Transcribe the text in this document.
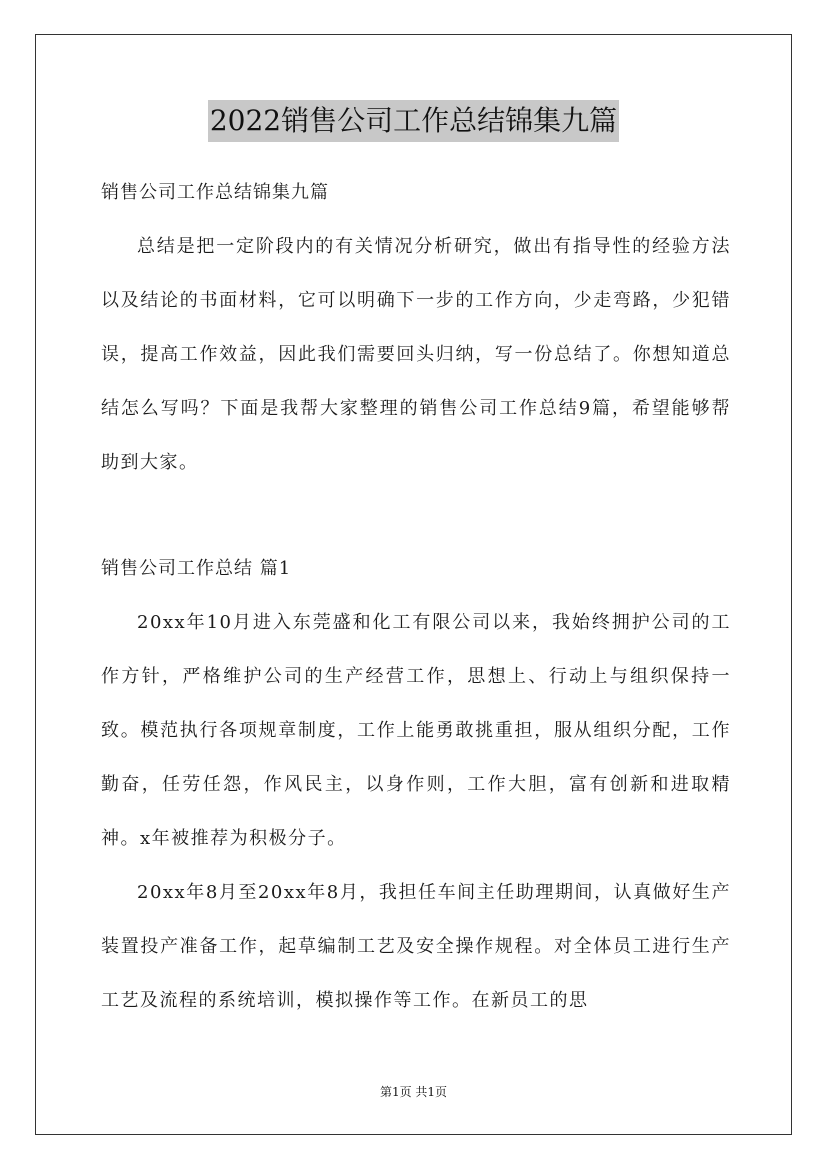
2022销售公司工作总结锦集九篇

销售公司工作总结锦集九篇

总结是把一定阶段内的有关情况分析研究，做出有指导性的经验方法以及结论的书面材料，它可以明确下一步的工作方向，少走弯路，少犯错误，提高工作效益，因此我们需要回头归纳，写一份总结了。你想知道总结怎么写吗？下面是我帮大家整理的销售公司工作总结9篇，希望能够帮助到大家。

销售公司工作总结 篇1

20xx年10月进入东莞盛和化工有限公司以来，我始终拥护公司的工作方针，严格维护公司的生产经营工作，思想上、行动上与组织保持一致。模范执行各项规章制度，工作上能勇敢挑重担，服从组织分配，工作勤奋，任劳任怨，作风民主，以身作则，工作大胆，富有创新和进取精神。x年被推荐为积极分子。

20xx年8月至20xx年8月，我担任车间主任助理期间，认真做好生产装置投产准备工作，起草编制工艺及安全操作规程。对全体员工进行生产工艺及流程的系统培训，模拟操作等工作。在新员工的思

第1页 共1页
